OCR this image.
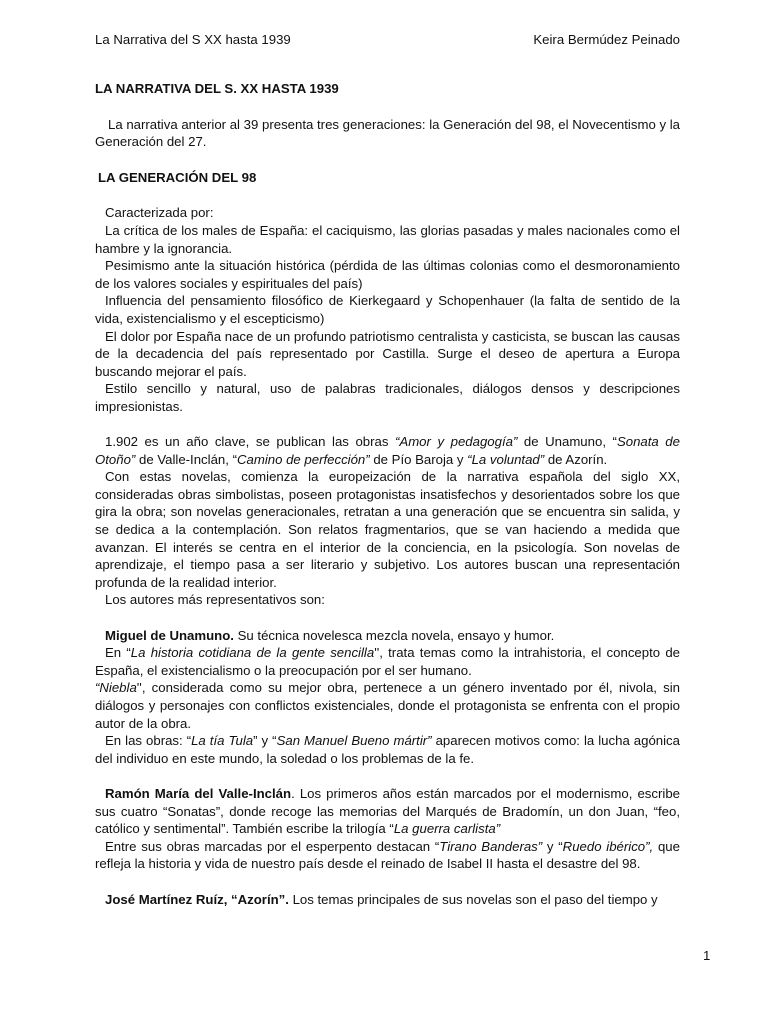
La Narrativa del S XX hasta 1939	Keira Bermúdez Peinado

LA NARRATIVA DEL S. XX HASTA 1939

La narrativa anterior al 39 presenta tres generaciones: la Generación del 98, el Novecentismo y la Generación del 27.

LA GENERACIÓN DEL 98

Caracterizada por:

La crítica de los males de España: el caciquismo, las glorias pasadas y males nacionales como el hambre y la ignorancia.

Pesimismo ante la situación histórica (pérdida de las últimas colonias como el desmoronamiento de los valores sociales y espirituales del país)

Influencia del pensamiento filosófico de Kierkegaard y Schopenhauer (la falta de sentido de la vida, existencialismo y el escepticismo)

El dolor por España nace de un profundo patriotismo centralista y casticista, se buscan las causas de la decadencia del país representado por Castilla. Surge el deseo de apertura a Europa buscando mejorar el país.

Estilo sencillo y natural, uso de palabras tradicionales, diálogos densos y descripciones impresionistas.

1.902 es un año clave, se publican las obras “Amor y pedagogía” de Unamuno, “Sonata de Otoño” de Valle-Inclán, “Camino de perfección” de Pío Baroja y “La voluntad” de Azorín.

Con estas novelas, comienza la europeización de la narrativa española del siglo XX, consideradas obras simbolistas, poseen protagonistas insatisfechos y desorientados sobre los que gira la obra; son novelas generacionales, retratan a una generación que se encuentra sin salida, y se dedica a la contemplación. Son relatos fragmentarios, que se van haciendo a medida que avanzan. El interés se centra en el interior de la conciencia, en la psicología. Son novelas de aprendizaje, el tiempo pasa a ser literario y subjetivo. Los autores buscan una representación profunda de la realidad interior.

Los autores más representativos son:

Miguel de Unamuno. Su técnica novelesca mezcla novela, ensayo y humor.

En “La historia cotidiana de la gente sencilla'', trata temas como la intrahistoria, el concepto de España, el existencialismo o la preocupación por el ser humano.

“Niebla'', considerada como su mejor obra, pertenece a un género inventado por él, nivola, sin diálogos y personajes con conflictos existenciales, donde el protagonista se enfrenta con el propio autor de la obra.

En las obras: “La tía Tula” y “San Manuel Bueno mártir” aparecen motivos como: la lucha agónica del individuo en este mundo, la soledad o los problemas de la fe.

Ramón María del Valle-Inclán. Los primeros años están marcados por el modernismo, escribe sus cuatro “Sonatas”, donde recoge las memorias del Marqués de Bradomín, un don Juan, “feo, católico y sentimental”. También escribe la trilogía “La guerra carlista”

Entre sus obras marcadas por el esperpento destacan “Tirano Banderas” y “Ruedo ibérico”, que refleja la historia y vida de nuestro país desde el reinado de Isabel II hasta el desastre del 98.

José Martínez Ruíz, “Azorín”. Los temas principales de sus novelas son el paso del tiempo y

1
